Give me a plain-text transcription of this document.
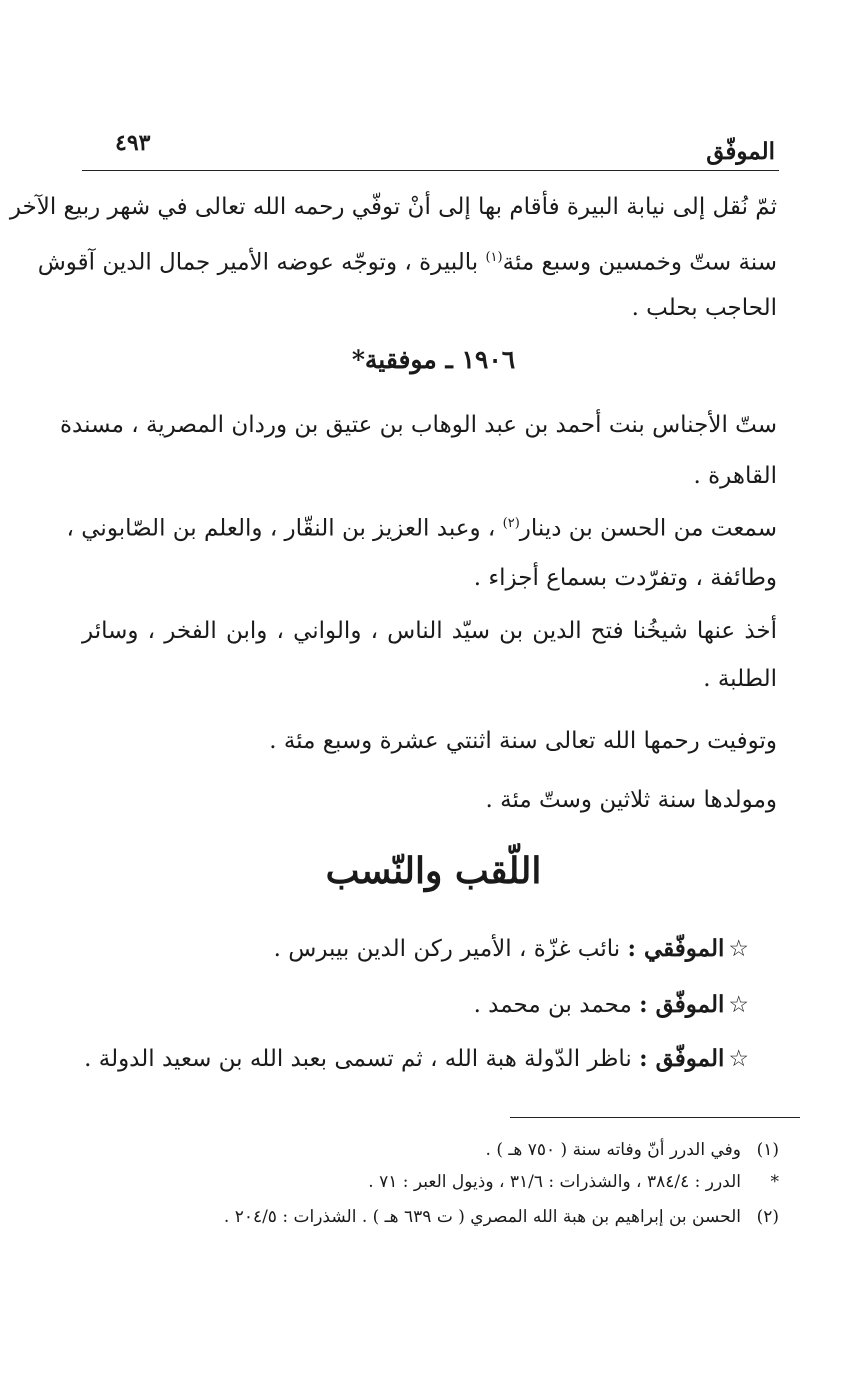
الموفّق
٤٩٣
ثمّ نُقل إلى نيابة البيرة فأقام بها إلى أنْ توفّي رحمه الله تعالى في شهر ربيع الآخر
سنة ستّ وخمسين وسبع مئة$^{(١)}$ بالبيرة ، وتوجّه عوضه الأمير جمال الدين آقوش
الحاجب بحلب .
١٩٠٦ ـ موفقية*
ستّ الأجناس بنت أحمد بن عبد الوهاب بن عتيق بن وردان المصرية ، مسندة
القاهرة .
سمعت من الحسن بن دينار$^{(٢)}$ ، وعبد العزيز بن النقّار ، والعلم بن الصّابوني ،
وطائفة ، وتفرّدت بسماع أجزاء .
أخذ عنها شيخُنا فتح الدين بن سيّد الناس ، والواني ، وابن الفخر ، وسائر
الطلبة .
وتوفيت رحمها الله تعالى سنة اثنتي عشرة وسبع مئة .
ومولدها سنة ثلاثين وستّ مئة .
اللّقب والنّسب
☆الموفّقي : نائب غزّة ، الأمير ركن الدين بيبرس .
☆الموفّق : محمد بن محمد .
☆الموفّق : ناظر الدّولة هبة الله ، ثم تسمى بعبد الله بن سعيد الدولة .
(١)وفي الدرر أنّ وفاته سنة ( ٧٥٠ هـ ) .
*الدرر : ٣٨٤/٤ ، والشذرات : ٣١/٦ ، وذيول العبر : ٧١ .
(٢)الحسن بن إبراهيم بن هبة الله المصري ( ت ٦٣٩ هـ ) . الشذرات : ٢٠٤/٥ .
